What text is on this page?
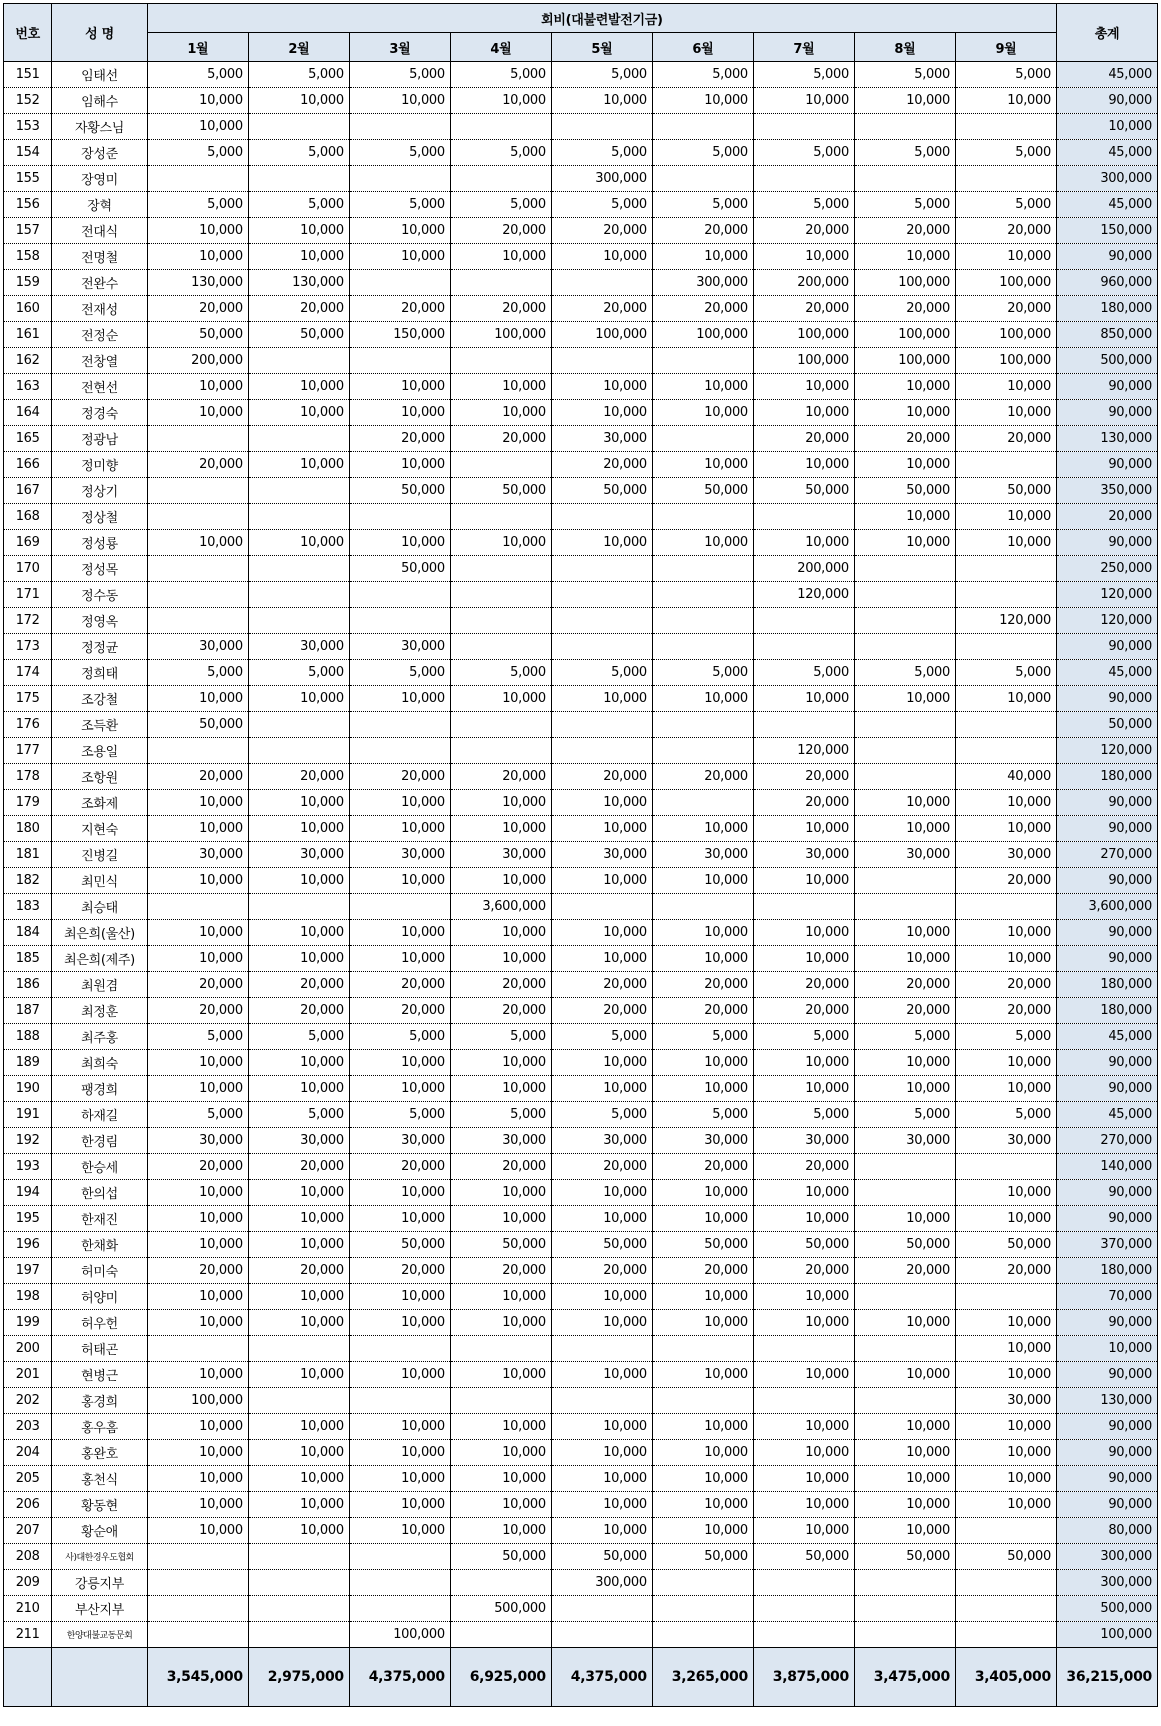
번호	성 명	회비(대불련발전기금)									총계
		1월	2월	3월	4월	5월	6월	7월	8월	9월	
151	임태선	5,000	5,000	5,000	5,000	5,000	5,000	5,000	5,000	5,000	45,000
152	임해수	10,000	10,000	10,000	10,000	10,000	10,000	10,000	10,000	10,000	90,000
153	자황스님	10,000									10,000
154	장성준	5,000	5,000	5,000	5,000	5,000	5,000	5,000	5,000	5,000	45,000
155	장영미					300,000					300,000
156	장혁	5,000	5,000	5,000	5,000	5,000	5,000	5,000	5,000	5,000	45,000
157	전대식	10,000	10,000	10,000	20,000	20,000	20,000	20,000	20,000	20,000	150,000
158	전명철	10,000	10,000	10,000	10,000	10,000	10,000	10,000	10,000	10,000	90,000
159	전완수	130,000	130,000				300,000	200,000	100,000	100,000	960,000
160	전재성	20,000	20,000	20,000	20,000	20,000	20,000	20,000	20,000	20,000	180,000
161	전정순	50,000	50,000	150,000	100,000	100,000	100,000	100,000	100,000	100,000	850,000
162	전창열	200,000						100,000	100,000	100,000	500,000
163	전현선	10,000	10,000	10,000	10,000	10,000	10,000	10,000	10,000	10,000	90,000
164	정경숙	10,000	10,000	10,000	10,000	10,000	10,000	10,000	10,000	10,000	90,000
165	정광남			20,000	20,000	30,000		20,000	20,000	20,000	130,000
166	정미향	20,000	10,000	10,000		20,000	10,000	10,000	10,000		90,000
167	정상기			50,000	50,000	50,000	50,000	50,000	50,000	50,000	350,000
168	정상철								10,000	10,000	20,000
169	정성룡	10,000	10,000	10,000	10,000	10,000	10,000	10,000	10,000	10,000	90,000
170	정성목			50,000				200,000			250,000
171	정수동							120,000			120,000
172	정영옥									120,000	120,000
173	정정균	30,000	30,000	30,000							90,000
174	정희태	5,000	5,000	5,000	5,000	5,000	5,000	5,000	5,000	5,000	45,000
175	조강철	10,000	10,000	10,000	10,000	10,000	10,000	10,000	10,000	10,000	90,000
176	조득환	50,000									50,000
177	조용일							120,000			120,000
178	조항원	20,000	20,000	20,000	20,000	20,000	20,000	20,000		40,000	180,000
179	조화제	10,000	10,000	10,000	10,000	10,000		20,000	10,000	10,000	90,000
180	지현숙	10,000	10,000	10,000	10,000	10,000	10,000	10,000	10,000	10,000	90,000
181	진병길	30,000	30,000	30,000	30,000	30,000	30,000	30,000	30,000	30,000	270,000
182	최민식	10,000	10,000	10,000	10,000	10,000	10,000	10,000		20,000	90,000
183	최승태				3,600,000						3,600,000
184	최은희(울산)	10,000	10,000	10,000	10,000	10,000	10,000	10,000	10,000	10,000	90,000
185	최은희(제주)	10,000	10,000	10,000	10,000	10,000	10,000	10,000	10,000	10,000	90,000
186	최원겸	20,000	20,000	20,000	20,000	20,000	20,000	20,000	20,000	20,000	180,000
187	최정훈	20,000	20,000	20,000	20,000	20,000	20,000	20,000	20,000	20,000	180,000
188	최주홍	5,000	5,000	5,000	5,000	5,000	5,000	5,000	5,000	5,000	45,000
189	최희숙	10,000	10,000	10,000	10,000	10,000	10,000	10,000	10,000	10,000	90,000
190	팽경희	10,000	10,000	10,000	10,000	10,000	10,000	10,000	10,000	10,000	90,000
191	하재길	5,000	5,000	5,000	5,000	5,000	5,000	5,000	5,000	5,000	45,000
192	한경림	30,000	30,000	30,000	30,000	30,000	30,000	30,000	30,000	30,000	270,000
193	한승세	20,000	20,000	20,000	20,000	20,000	20,000	20,000			140,000
194	한의섭	10,000	10,000	10,000	10,000	10,000	10,000	10,000		10,000	90,000
195	한재진	10,000	10,000	10,000	10,000	10,000	10,000	10,000	10,000	10,000	90,000
196	한채화	10,000	10,000	50,000	50,000	50,000	50,000	50,000	50,000	50,000	370,000
197	허미숙	20,000	20,000	20,000	20,000	20,000	20,000	20,000	20,000	20,000	180,000
198	허양미	10,000	10,000	10,000	10,000	10,000	10,000	10,000			70,000
199	허우헌	10,000	10,000	10,000	10,000	10,000	10,000	10,000	10,000	10,000	90,000
200	허태곤									10,000	10,000
201	현병근	10,000	10,000	10,000	10,000	10,000	10,000	10,000	10,000	10,000	90,000
202	홍경희	100,000								30,000	130,000
203	홍우홈	10,000	10,000	10,000	10,000	10,000	10,000	10,000	10,000	10,000	90,000
204	홍완호	10,000	10,000	10,000	10,000	10,000	10,000	10,000	10,000	10,000	90,000
205	홍천식	10,000	10,000	10,000	10,000	10,000	10,000	10,000	10,000	10,000	90,000
206	황동현	10,000	10,000	10,000	10,000	10,000	10,000	10,000	10,000	10,000	90,000
207	황순애	10,000	10,000	10,000	10,000	10,000	10,000	10,000	10,000		80,000
208	사)대한경우도협회				50,000	50,000	50,000	50,000	50,000	50,000	300,000
209	강릉지부					300,000					300,000
210	부산지부				500,000						500,000
211	한양대불교동문회			100,000							100,000
		3,545,000	2,975,000	4,375,000	6,925,000	4,375,000	3,265,000	3,875,000	3,475,000	3,405,000	36,215,000
